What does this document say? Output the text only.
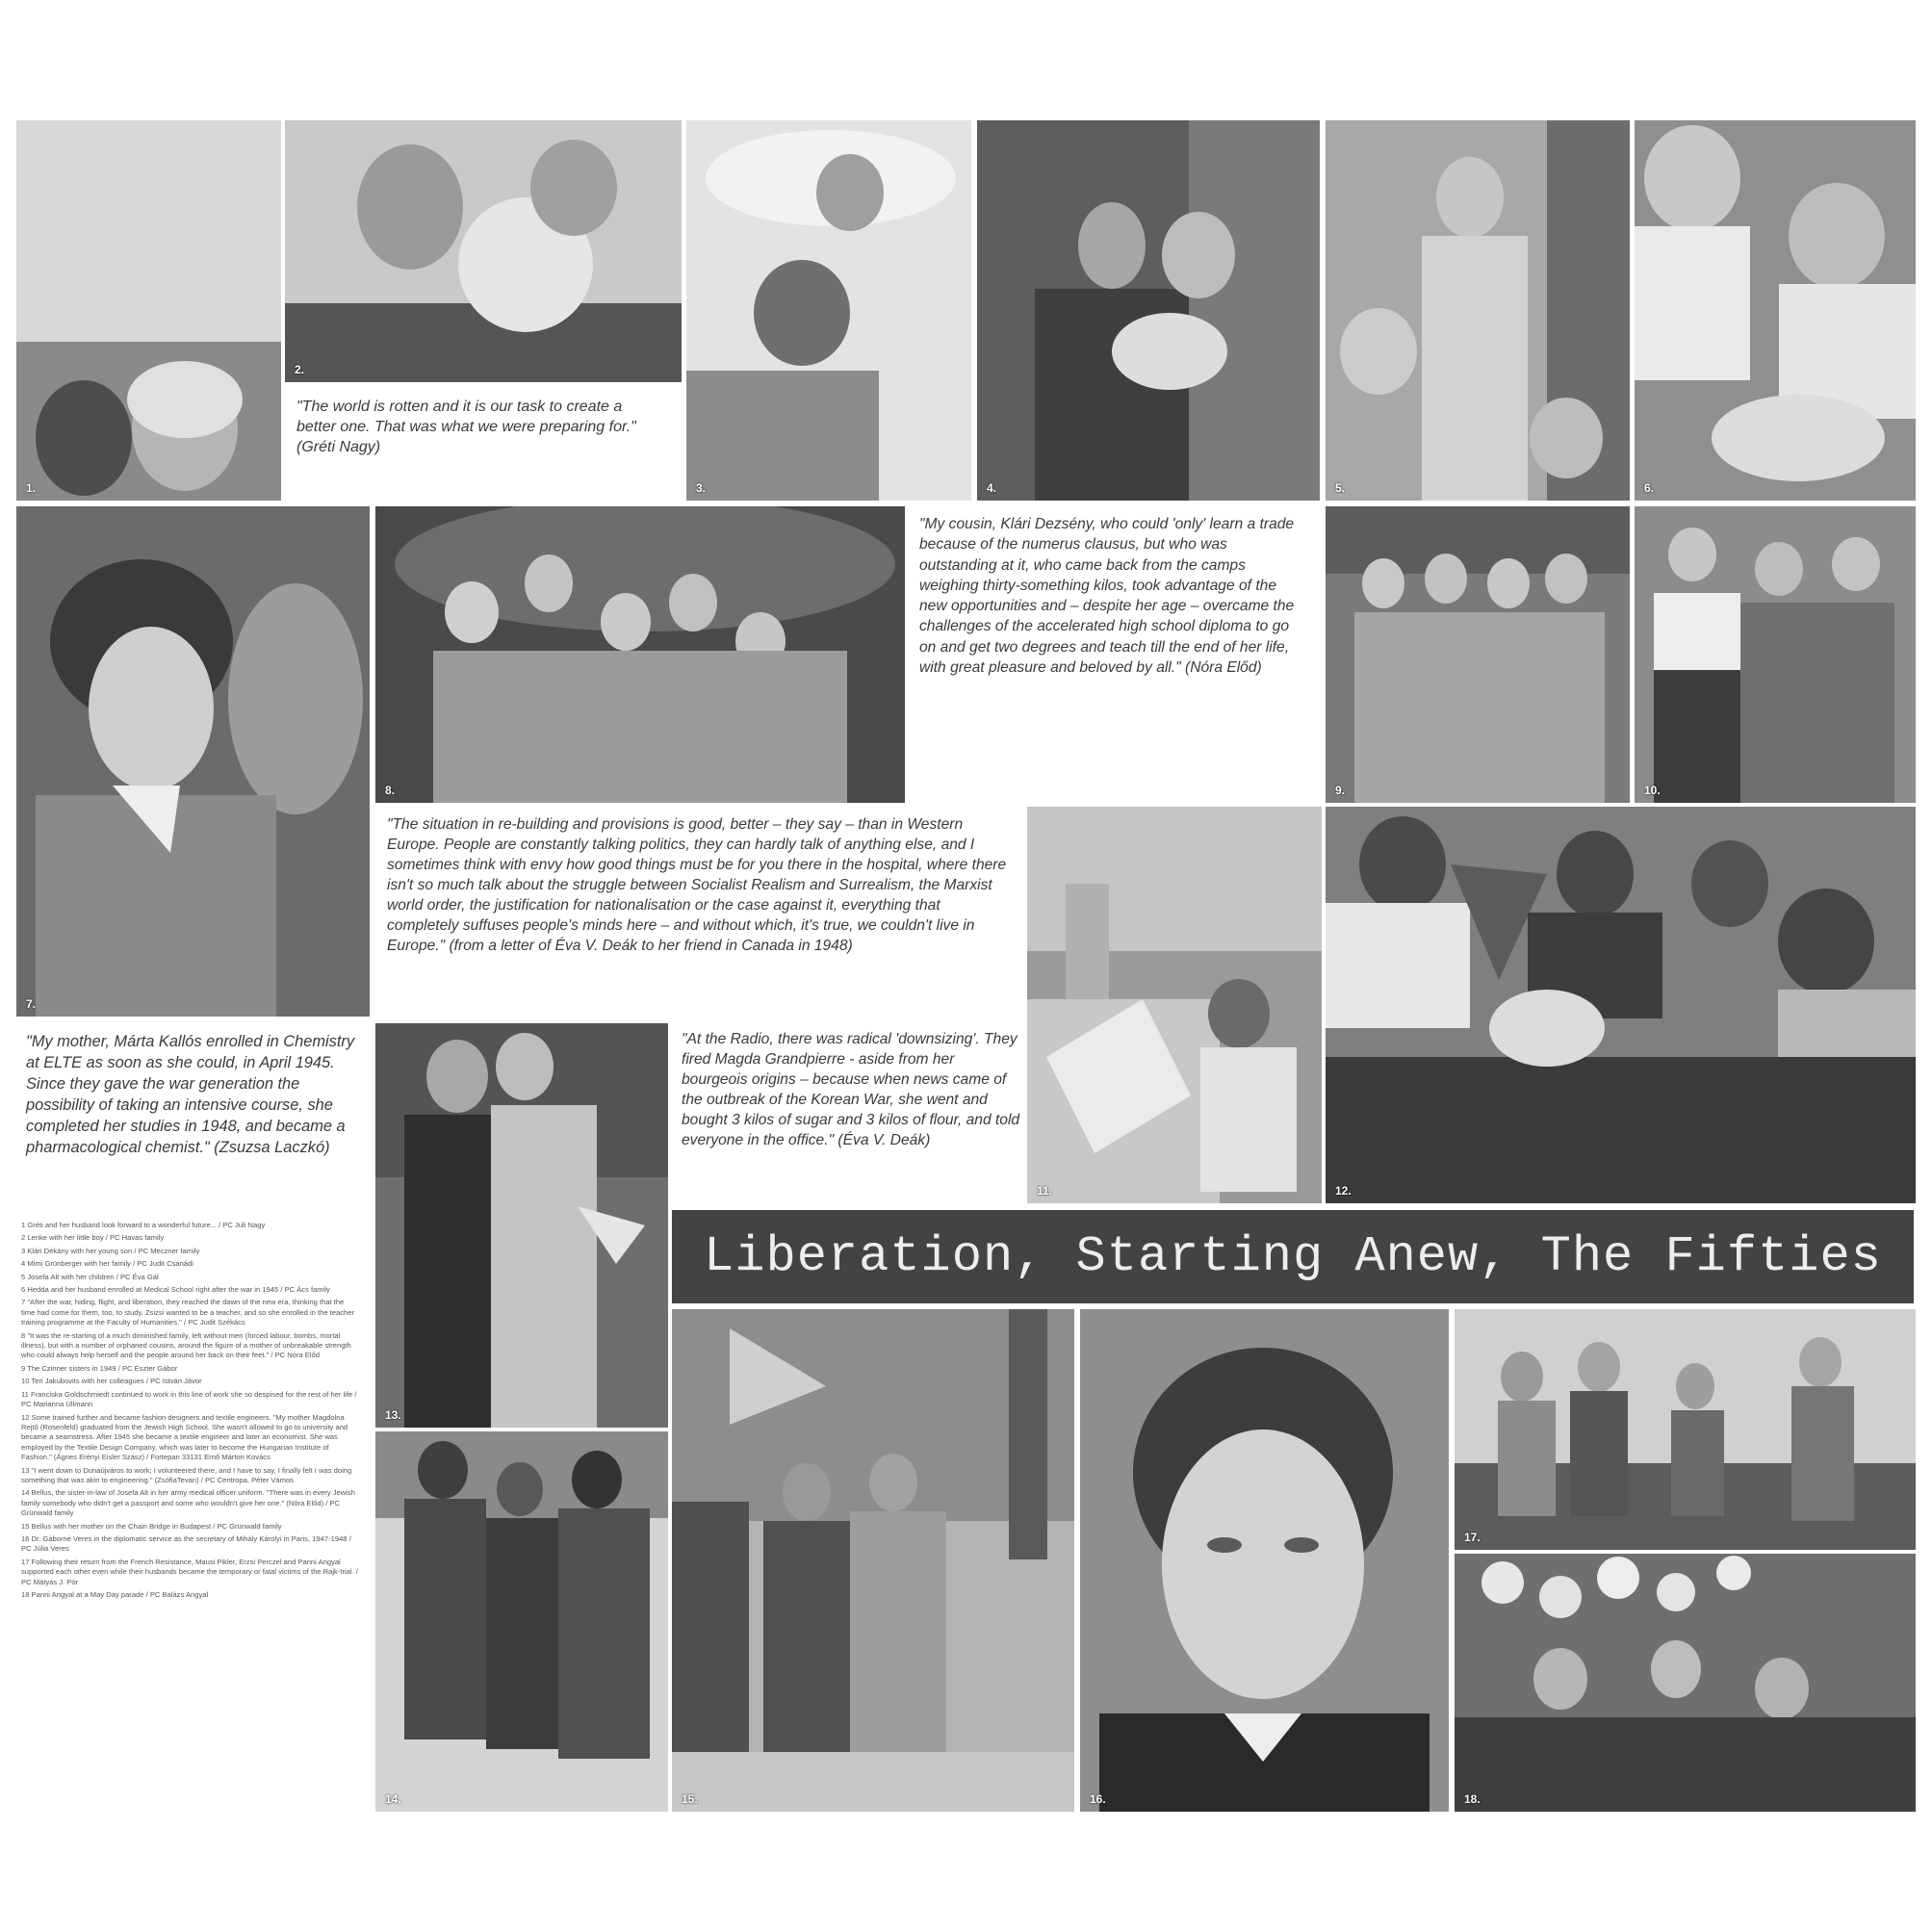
1.
2.

"The world is rotten and it is our task to create a better one. That was what we were preparing for." (Gréti Nagy)

3.	4.	5.	6.
7.
8.

"My cousin, Klári Dezsény, who could 'only' learn a trade because of the numerus clausus, but who was outstanding at it, who came back from the camps weighing thirty-something kilos, took advantage of the new opportunities and – despite her age – overcame the challenges of the accelerated high school diploma to go on and get two degrees and teach till the end of her life, with great pleasure and beloved by all." (Nóra Előd)

9.	10.

"The situation in re-building and provisions is good, better – they say – than in Western Europe. People are constantly talking politics, they can hardly talk of anything else, and I sometimes think with envy how good things must be for you there in the hospital, where there isn't so much talk about the struggle between Socialist Realism and Surrealism, the Marxist world order, the justification for nationalisation or the case against it, everything that completely suffuses people's minds here – and without which, it's true, we couldn't live in Europe." (from a letter of Éva V. Deák to her friend in Canada in 1948)

11.	12.

"My mother, Márta Kallós enrolled in Chemistry at ELTE as soon as she could, in April 1945. Since they gave the war generation the possibility of taking an intensive course, she completed her studies in 1948, and became a pharmacological chemist." (Zsuzsa Laczkó)

13.

"At the Radio, there was radical 'downsizing'. They fired Magda Grandpierre - aside from her bourgeois origins – because when news came of the outbreak of the Korean War, she went and bought 3 kilos of sugar and 3 kilos of flour, and told everyone in the office." (Éva V. Deák)

Liberation, Starting Anew, The Fifties

1 Gréti and her husband look forward to a wonderful future... / PC Juli Nagy

2 Lenke with her little boy / PC Havas family

3 Klári Dékány with her young son / PC Meczner family

4 Mimi Grünberger with her family / PC Judit Csanádi

5 Josefa Alt with her children / PC Éva Gál

6 Hedda and her husband enrolled at Medical School right after the war in 1945 / PC Ács family

7 "After the war, hiding, flight, and liberation, they reached the dawn of the new era, thinking that the time had come for them, too, to study. Zsizsi wanted to be a teacher, and so she enrolled in the teacher training programme at the Faculty of Humanities." / PC Judit Székács

8 "It was the re-starting of a much diminished family, left without men (forced labour, bombs, mortal illness), but with a number of orphaned cousins, around the figure of a mother of unbreakable strength who could always help herself and the people around her back on their feet." / PC Nóra Előd

9 The Czinner sisters in 1949 / PC Eszter Gábor

10 Teri Jakubovits with her colleagues / PC István Jávor

11 Franciska Goldschmiedt continued to work in this line of work she so despised for the rest of her life / PC Marianna Ullmann

12 Some trained further and became fashion designers and textile engineers. "My mother Magdolna Rejtő (Rosenfeld) graduated from the Jewish High School. She wasn't allowed to go to university and became a seamstress. After 1945 she became a textile engineer and later an economist. She was employed by the Textile Design Company, which was later to become the Hungarian Institute of Fashion." (Ágnes Erényi Eisler Szász) / Fortepan 33131 Ernő Márton Kovács

13 "I went down to Dunaújváros to work; I volunteered there, and I have to say, I finally felt I was doing something that was akin to engineering." (ZsófiaTevan) / PC Centropa, Péter Vámos

14 Bellus, the sister-in-law of Josefa Alt in her army medical officer uniform. "There was in every Jewish family somebody who didn't get a passport and some who wouldn't give her one." (Nóra Előd) / PC Grünwald family

15 Bellus with her mother on the Chain Bridge in Budapest / PC Grünwald family

16 Dr. Gáborné Veres in the diplomatic service as the secretary of Mihály Károlyi in Paris, 1947-1948 / PC Júlia Veres

17 Following their return from the French Resistance, Mausi Pikler, Erzsi Perczel and Panni Angyal supported each other even while their husbands became the temporary or fatal victims of the Rajk-trial. / PC Mátyás J. Pór

18 Panni Angyal at a May Day parade / PC Balázs Angyal

14.	15.	16.
17.
18.
